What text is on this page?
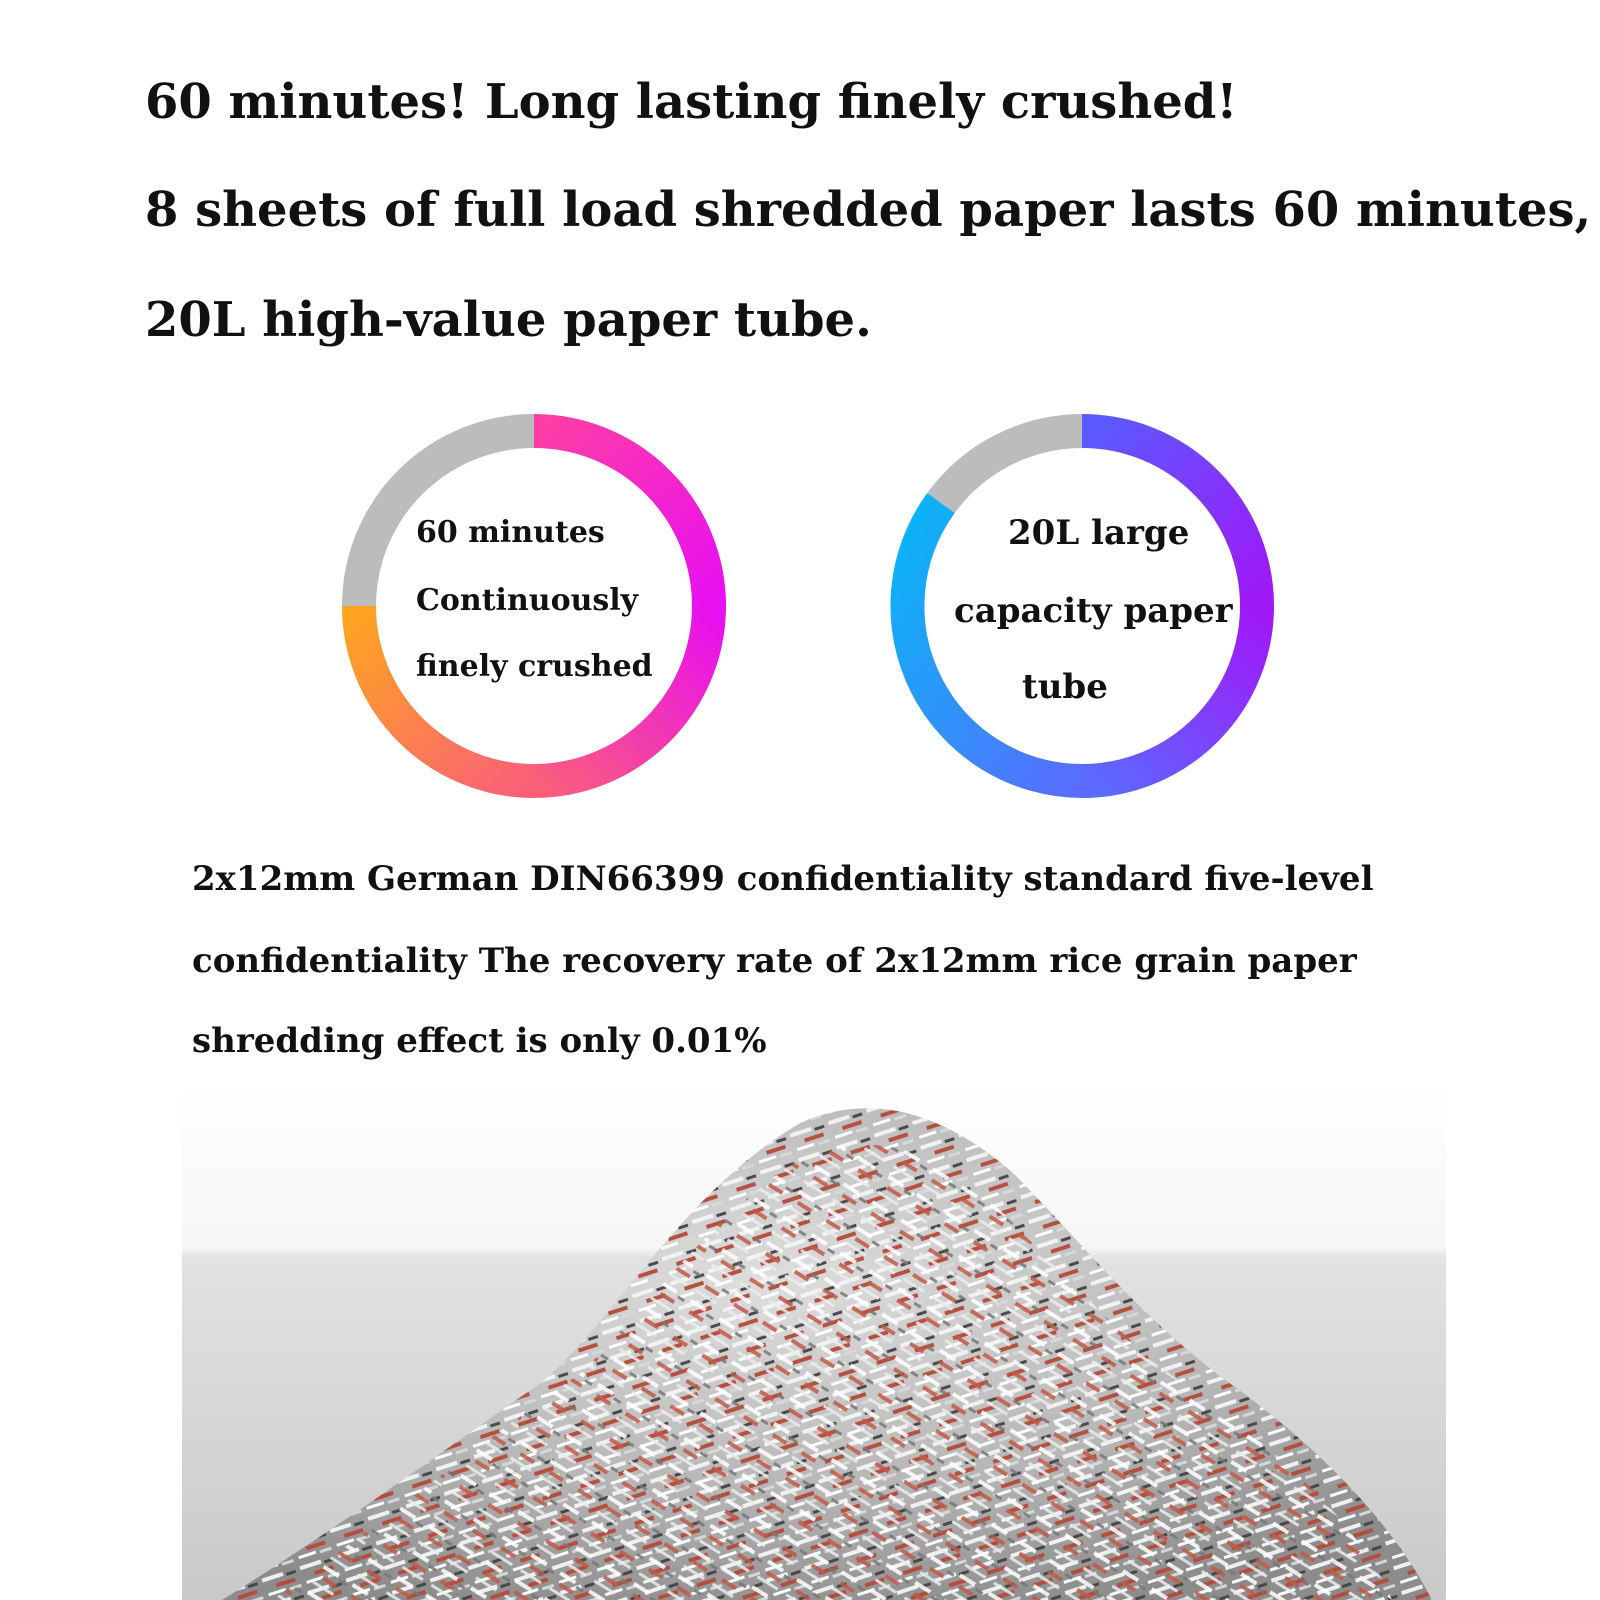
60 minutes! Long lasting finely crushed!
8 sheets of full load shredded paper lasts 60 minutes,
20L high-value paper tube.
60 minutes
Continuously
finely crushed
20L large
capacity paper
tube

2x12mm German DIN66399 confidentiality standard five-level

confidentiality The recovery rate of 2x12mm rice grain paper

shredding effect is only 0.01%
